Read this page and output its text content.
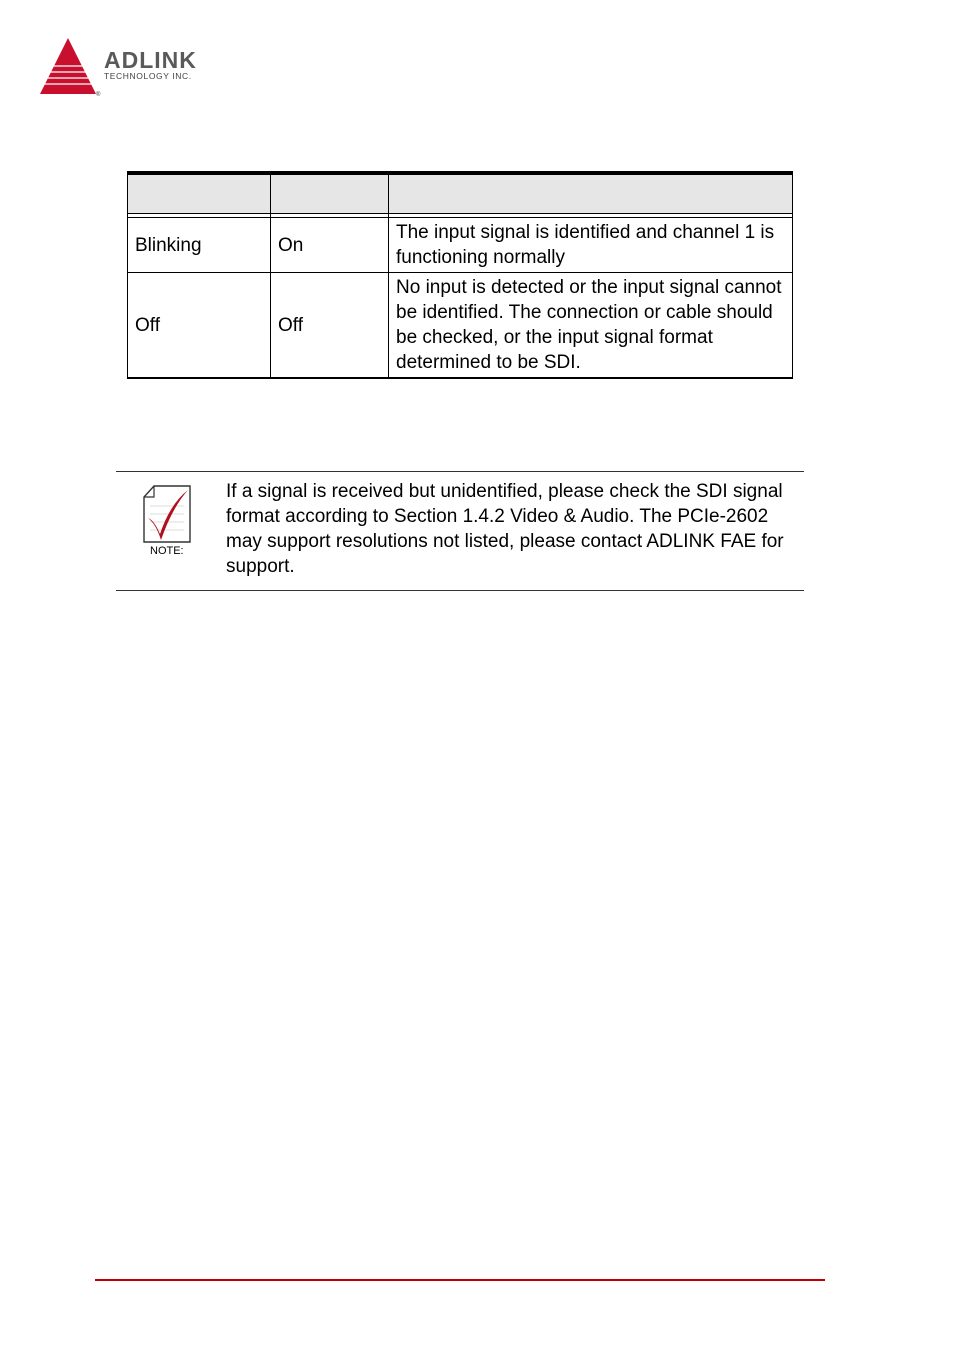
®
ADLINK
TECHNOLOGY INC.

Blinking	On	The input signal is identified and channel 1 is functioning normally
Off	Off	No input is detected or the input signal cannot be identified. The connection or cable should be checked, or the input signal format determined to be SDI.
NOTE:
If a signal is received but unidentified, please check the SDI signal format according to Section 1.4.2 Video & Audio. The PCIe-2602 may support resolutions not listed, please contact ADLINK FAE for support.
